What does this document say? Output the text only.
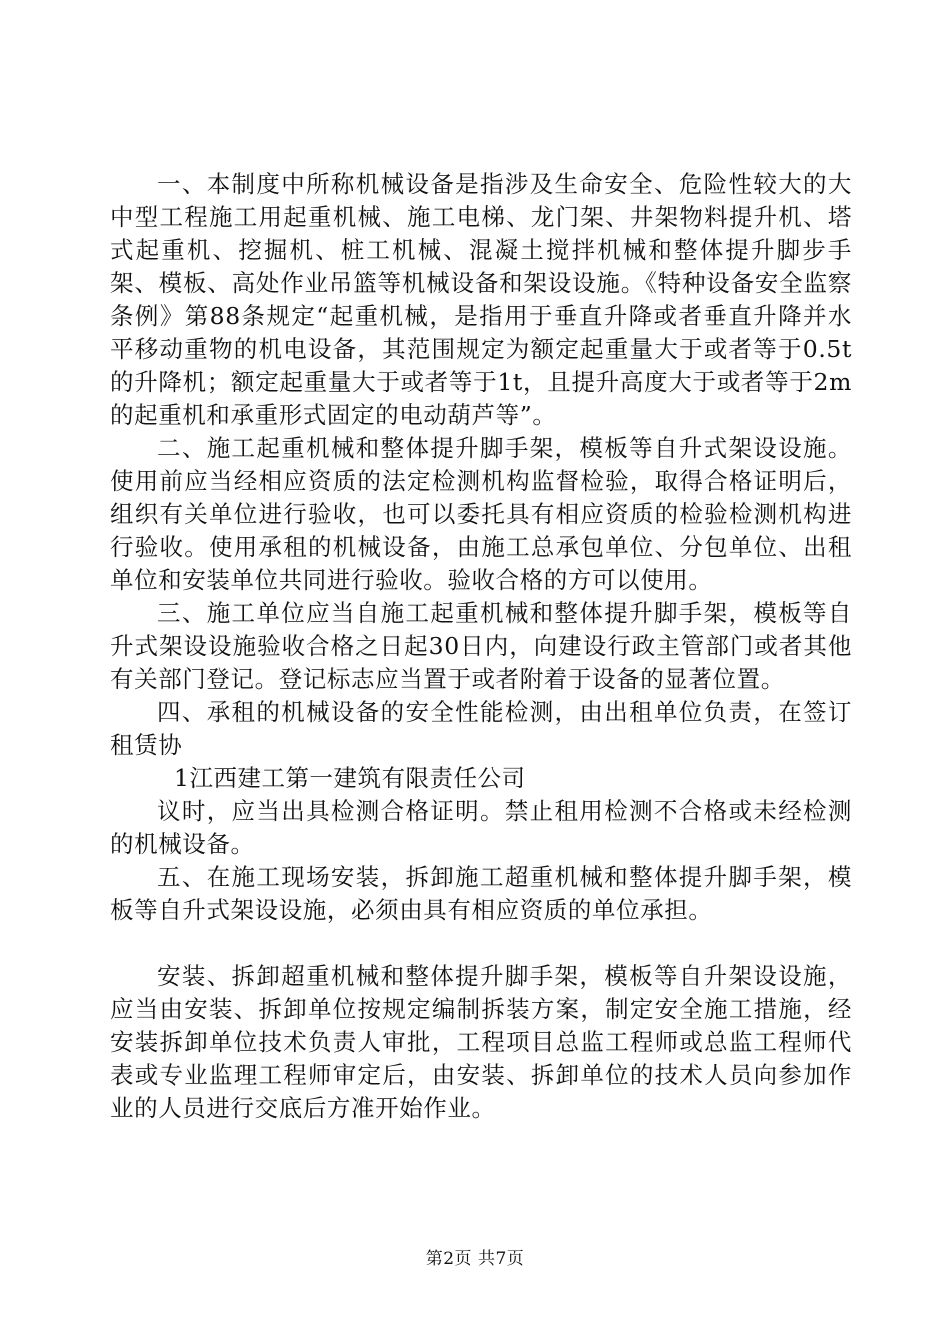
一、本制度中所称机械设备是指涉及生命安全、危险性较大的大中型工程施工用起重机械、施工电梯、龙门架、井架物料提升机、塔式起重机、挖掘机、桩工机械、混凝土搅拌机械和整体提升脚步手架、模板、高处作业吊篮等机械设备和架设设施。《特种设备安全监察条例》第88条规定“起重机械，是指用于垂直升降或者垂直升降并水平移动重物的机电设备，其范围规定为额定起重量大于或者等于0.5t的升降机；额定起重量大于或者等于1t，且提升高度大于或者等于2m的起重机和承重形式固定的电动葫芦等”。

二、施工起重机械和整体提升脚手架，模板等自升式架设设施。使用前应当经相应资质的法定检测机构监督检验，取得合格证明后，组织有关单位进行验收，也可以委托具有相应资质的检验检测机构进行验收。使用承租的机械设备，由施工总承包单位、分包单位、出租单位和安装单位共同进行验收。验收合格的方可以使用。

三、施工单位应当自施工起重机械和整体提升脚手架，模板等自升式架设设施验收合格之日起30日内，向建设行政主管部门或者其他有关部门登记。登记标志应当置于或者附着于设备的显著位置。

四、承租的机械设备的安全性能检测，由出租单位负责，在签订租赁协

1江西建工第一建筑有限责任公司

议时，应当出具检测合格证明。禁止租用检测不合格或未经检测的机械设备。

五、在施工现场安装，拆卸施工超重机械和整体提升脚手架，模板等自升式架设设施，必须由具有相应资质的单位承担。

安装、拆卸超重机械和整体提升脚手架，模板等自升架设设施，应当由安装、拆卸单位按规定编制拆装方案，制定安全施工措施，经安装拆卸单位技术负责人审批，工程项目总监工程师或总监工程师代表或专业监理工程师审定后，由安装、拆卸单位的技术人员向参加作业的人员进行交底后方准开始作业。

第2页 共7页
